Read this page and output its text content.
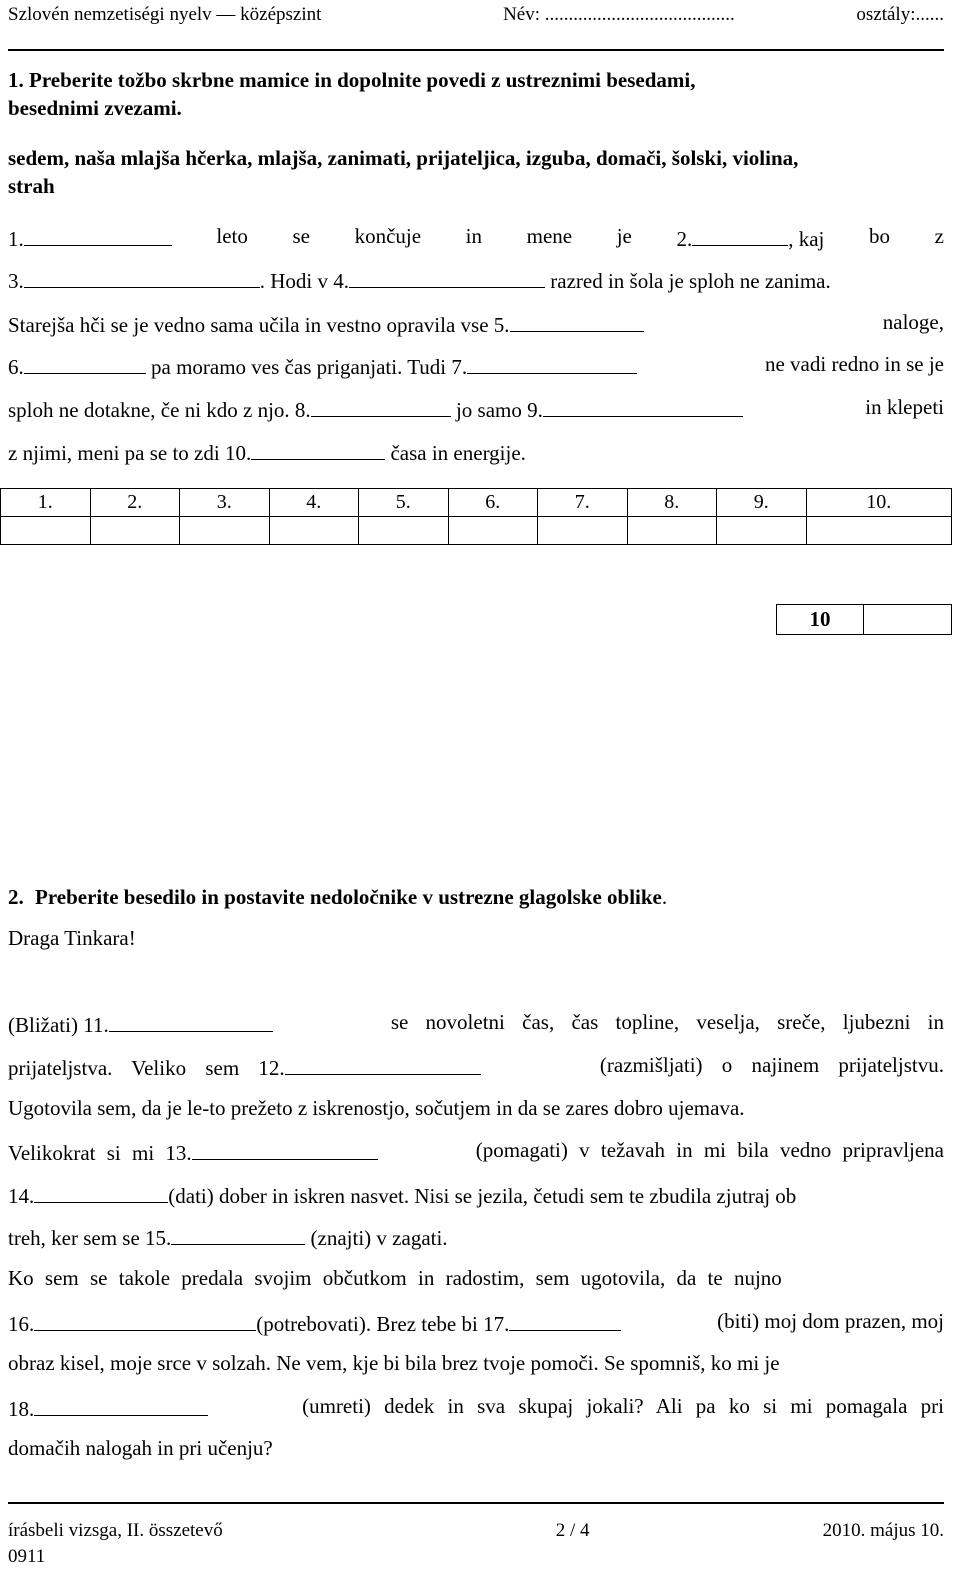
Szlovén nemzetiségi nyelv — középszint	Név: ........................................	osztály:......
1. Preberite tožbo skrbne mamice in dopolnite povedi z ustreznimi besedami,
besednimi zvezami.
sedem, naša mlajša hčerka, mlajša, zanimati, prijateljica, izguba, domači, šolski, violina,
strah
1.	leto se končuje in mene je 2.	, kaj bo z
3.	. Hodi v 4.	razred in šola je sploh ne zanima.
Starejša hči se je vedno sama učila in vestno opravila vse 5.	naloge,
6.	pa moramo ves čas priganjati. Tudi 7.	ne vadi redno in se je
sploh ne dotakne, če ni kdo z njo. 8.	jo samo 9.	in klepeti
z njimi, meni pa se to zdi 10.	časa in energije.
1.	2.	3.	4.	5.	6.	7.	8.	9.	10.

10
2. Preberite besedilo in postavite nedoločnike v ustrezne glagolske oblike.
Draga Tinkara!
(Bližati) 11.	se novoletni čas, čas topline, veselja, sreče, ljubezni in
prijateljstva. Veliko sem 12.	(razmišljati) o najinem prijateljstvu.
Ugotovila sem, da je le-to prežeto z iskrenostjo, sočutjem in da se zares dobro ujemava.
Velikokrat si mi 13.	(pomagati) v težavah in mi bila vedno pripravljena
14.	(dati) dober in iskren nasvet. Nisi se jezila, četudi sem te zbudila zjutraj ob
treh, ker sem se 15.	(znajti) v zagati.
Ko sem se takole predala svojim občutkom in radostim, sem ugotovila, da te nujno
16.	(potrebovati). Brez tebe bi 17.	(biti) moj dom prazen, moj
obraz kisel, moje srce v solzah. Ne vem, kje bi bila brez tvoje pomoči. Se spomniš, ko mi je
18.	(umreti) dedek in sva skupaj jokali? Ali pa ko si mi pomagala pri
domačih nalogah in pri učenju?
írásbeli vizsga, II. összetevő	2 / 4	2010. május 10.
0911
